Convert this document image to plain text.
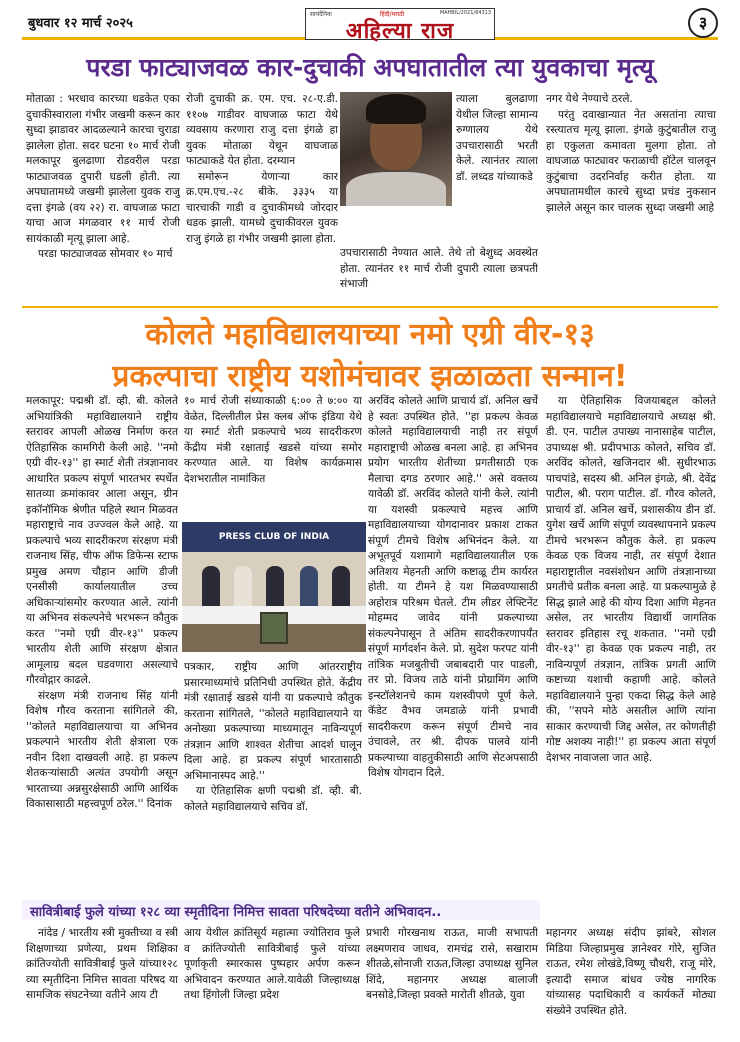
बुधवार १२ मार्च २०२५
सायंदैनिक	हिंदी/मराठी	MAHBIL/2021/84313
अहिल्या राज	३
परडा फाट्याजवळ कार-दुचाकी अपघातातील त्या युवकाचा मृत्यू

मोताळा : भरधाव कारच्या धडकेत एका दुचाकीस्वाराला गंभीर जखमी करून कार सुध्दा झाडावर आदळल्याने कारचा चुराडा झालेला होता. सदर घटना १० मार्च रोजी मलकापूर बुलढाणा रोडवरील परडा फाट्याजवळ दुपारी घडली होती. त्या अपघातामध्ये जखमी झालेला युवक राजु दत्ता इंगळे (वय २२) रा. वाघजाळ फाटा याचा आज मंगळवार ११ मार्च रोजी सायंकाळी मृत्यू झाला आहे.

परडा फाट्याजवळ सोमवार १० मार्च

रोजी दुचाकी क्र. एम. एच. २८-ए.डी. ११०७ गाडीवर वाघजाळ फाटा येथे व्यवसाय करणारा राजु दत्ता इंगळे हा युवक मोताळा येथून वाघजाळ फाट्याकडे येत होता. दरम्यान

समोरून येणाऱ्या कार क्र.एम.एच.-२८ बीके. ३३३५ या चारचाकी गाडी व दुचाकीमध्ये जोरदार धडक झाली. यामध्ये दुचाकीवरल युवक राजु इंगळे हा गंभीर जखमी झाला होता.

त्याला बुलढाणा येथील जिल्हा सामान्य रुग्णालय येथे उपचारासाठी भरती केले. त्यानंतर त्याला डॉ. लध्दड यांच्याकडे

उपचारासाठी नेण्यात आले. तेथे तो बेशुध्द अवस्थेत होता. त्यानंतर ११ मार्च रोजी दुपारी त्याला छत्रपती संभाजी

नगर येथे नेण्याचे ठरले.

परंतु दवाखान्यात नेत असतांना त्याचा रस्त्यातच मृत्यू झाला. इंगळे कुटुंबातील राजु हा एकुलता कमावता मुलगा होता. तो वाघजाळ फाट्यावर फराळाची हॉटेल चालवून कुटुंबाचा उदरनिर्वाह करीत होता. या अपघातामधील कारचे सुध्दा प्रचंड नुकसान झालेले असून कार चालक सुध्दा जखमी आहे

कोलते महाविद्यालयाच्या नमो एग्री वीर-१३
प्रकल्पाचा राष्ट्रीय यशोमंचावर झळाळता सन्मान!

मलकापूर: पद्मश्री डॉ. व्ही. बी. कोलते अभियांत्रिकी महाविद्यालयाने राष्ट्रीय स्तरावर आपली ओळख निर्माण करत ऐतिहासिक कामगिरी केली आहे. ''नमो एग्री वीर-१३'' हा स्मार्ट शेती तंत्रज्ञानावर आधारित प्रकल्प संपूर्ण भारतभर स्पर्धेत सातव्या क्रमांकावर आला असून, ग्रीन इकॉनॉमिक श्रेणीत पहिले स्थान मिळवत महाराष्ट्राचे नाव उज्ज्वल केले आहे. या प्रकल्पाचे भव्य सादरीकरण संरक्षण मंत्री राजनाथ सिंह, चीफ ऑफ डिफेन्स स्टाफ प्रमुख अमण चौहान आणि डीजी एनसीसी कार्यालयातील उच्च अधिकाऱ्यांसमोर करण्यात आले. त्यांनी या अभिनव संकल्पनेचे भरभरून कौतुक करत ''नमो एग्री वीर-१३'' प्रकल्प भारतीय शेती आणि संरक्षण क्षेत्रात आमूलाग्र बदल घडवणारा असल्याचे गौरवोद्गार काढले.

संरक्षण मंत्री राजनाथ सिंह यांनी विशेष गौरव करताना सांगितले की, ''कोलते महाविद्यालयाचा या अभिनव प्रकल्पाने भारतीय शेती क्षेत्राला एक नवीन दिशा दाखवली आहे. हा प्रकल्प शेतकऱ्यांसाठी अत्यंत उपयोगी असून भारताच्या अन्नसुरक्षेसाठी आणि आर्थिक विकासासाठी महत्त्वपूर्ण ठरेल.'' दिनांक

१० मार्च रोजी संध्याकाळी ६:०० ते ७:०० या वेळेत, दिल्लीतील प्रेस क्लब ऑफ इंडिया येथे या स्मार्ट शेती प्रकल्पाचे भव्य सादरीकरण केंद्रीय मंत्री रक्षाताई खडसे यांच्या समोर करण्यात आले. या विशेष कार्यक्रमास देशभरातील नामांकित

PRESS CLUB OF INDIA

पत्रकार, राष्ट्रीय आणि आंतरराष्ट्रीय प्रसारमाध्यमांचे प्रतिनिधी उपस्थित होते. केंद्रीय मंत्री रक्षाताई खडसे यांनी या प्रकल्पाचे कौतुक करताना सांगितले, ''कोलते महाविद्यालयाने या अनोख्या प्रकल्पाच्या माध्यमातून नाविन्यपूर्ण तंत्रज्ञान आणि शाश्वत शेतीचा आदर्श घालून दिला आहे. हा प्रकल्प संपूर्ण भारतासाठी अभिमानास्पद आहे.''

या ऐतिहासिक क्षणी पद्मश्री डॉ. व्ही. बी. कोलते महाविद्यालयाचे सचिव डॉ.

अरविंद कोलते आणि प्राचार्य डॉ. अनिल खर्चे हे स्वतः उपस्थित होते. ''हा प्रकल्प केवळ कोलते महाविद्यालयाची नाही तर संपूर्ण महाराष्ट्राची ओळख बनला आहे. हा अभिनव प्रयोग भारतीय शेतीच्या प्रगतीसाठी एक मैलाचा दगड ठरणार आहे.'' असे वक्तव्य यावेळी डॉ. अरविंद कोलते यांनी केले. त्यांनी या यशस्वी प्रकल्पाचे महत्त्व आणि महाविद्यालयाच्या योगदानावर प्रकाश टाकत संपूर्ण टीमचे विशेष अभिनंदन केले. या अभूतपूर्व यशामागे महाविद्यालयातील एक अतिशय मेहनती आणि कष्टाळू टीम कार्यरत होती. या टीमने हे यश मिळवण्यासाठी अहोरात्र परिश्रम घेतले. टीम लीडर लेफ्टिनेंट मोहम्मद जावेद यांनी प्रकल्पाच्या संकल्पनेपासून ते अंतिम सादरीकरणापर्यंत संपूर्ण मार्गदर्शन केले. प्रो. सुदेश फरपट यांनी तांत्रिक मजबुतीची जबाबदारी पार पाडली, तर प्रो. विजय ताठे यांनी प्रोग्रामिंग आणि इन्स्टॉलेशनचे काम यशस्वीपणे पूर्ण केले. कॅडेट वैभव जमडाळे यांनी प्रभावी सादरीकरण करून संपूर्ण टीमचे नाव उंचावले, तर श्री. दीपक पालवे यांनी प्रकल्पाच्या वाहतुकीसाठी आणि सेटअपसाठी विशेष योगदान दिले.

या ऐतिहासिक विजयाबद्दल कोलते महाविद्यालयाचे महाविद्यालयाचे अध्यक्ष श्री. डी. एन. पाटील उपाख्य नानासाहेब पाटील, उपाध्यक्ष श्री. प्रदीपभाऊ कोलते, सचिव डॉ. अरविंद कोलते, खजिनदार श्री. सुधीरभाऊ पाचपांडे, सदस्य श्री. अनिल इंगळे, श्री. देवेंद्र पाटील, श्री. पराग पाटील. डॉ. गौरव कोलते, प्राचार्य डॉ. अनिल खर्चे, प्रशासकीय डीन डॉ. युगेश खर्चे आणि संपूर्ण व्यवस्थापनाने प्रकल्प टीमचे भरभरून कौतुक केले. हा प्रकल्प केवळ एक विजय नाही, तर संपूर्ण देशात महाराष्ट्रातील नवसंशोधन आणि तंत्रज्ञानाच्या प्रगतीचे प्रतीक बनला आहे. या प्रकल्पामुळे हे सिद्ध झाले आहे की योग्य दिशा आणि मेहनत असेल, तर भारतीय विद्यार्थी जागतिक स्तरावर इतिहास रचू शकतात. ''नमो एग्री वीर-१३'' हा केवळ एक प्रकल्प नाही, तर नाविन्यपूर्ण तंत्रज्ञान, तांत्रिक प्रगती आणि कष्टाच्या यशाची कहाणी आहे. कोलते महाविद्यालयाने पुन्हा एकदा सिद्ध केले आहे की, ''सपने मोठे असतील आणि त्यांना साकार करण्याची जिद्द असेल, तर कोणतीही गोष्ट अशक्य नाही!'' हा प्रकल्प आता संपूर्ण देशभर नावाजला जात आहे.

सावित्रीबाई फुले यांच्या १२८ व्या स्मृतीदिना निमित्त सावता परिषदेच्या वतीने अभिवादन..

नांदेड / भारतीय स्त्री मुक्तीच्या व स्त्री शिक्षणाच्या प्रणेत्या, प्रथम शिक्षिका क्रांतिज्योती सावित्रीबाई फुले यांच्या१२८ व्या स्मृतीदिना निमित्त सावता परिषद या सामजिक संघटनेच्या वतीने आय टी

आय येथील क्रांतिसूर्य महात्मा ज्योतिराव फुले व क्रांतिज्योती सावित्रीबाई फुले यांच्या पूर्णाकृती स्मारकास पुष्पहार अर्पण करून अभिवादन करण्यात आले.यावेळी जिल्हाध्यक्ष तथा हिंगोली जिल्हा प्रदेश

प्रभारी गोरखनाथ राऊत, माजी सभापती लक्ष्मणराव जाधव, रामचंद्र रासे, सखाराम शीतळे,सोनाजी राऊत,जिल्हा उपाध्यक्ष सुनिल शिंदे, महानगर अध्यक्ष बालाजी बनसोडे,जिल्हा प्रवक्ते मारोती शीतळे, युवा

महानगर अध्यक्ष संदीप झांबरे, सोशल मिडिया जिल्हाप्रमुख ज्ञानेश्वर गोरे, सुजित राऊत, रमेश लोखंडे,विष्णू चौधरी, राजू मोरे, इत्यादी समाज बांधव ज्येष्ठ नागरिक यांच्यासह पदाधिकारी व कार्यकर्ते मोठ्या संख्येने उपस्थित होते.
